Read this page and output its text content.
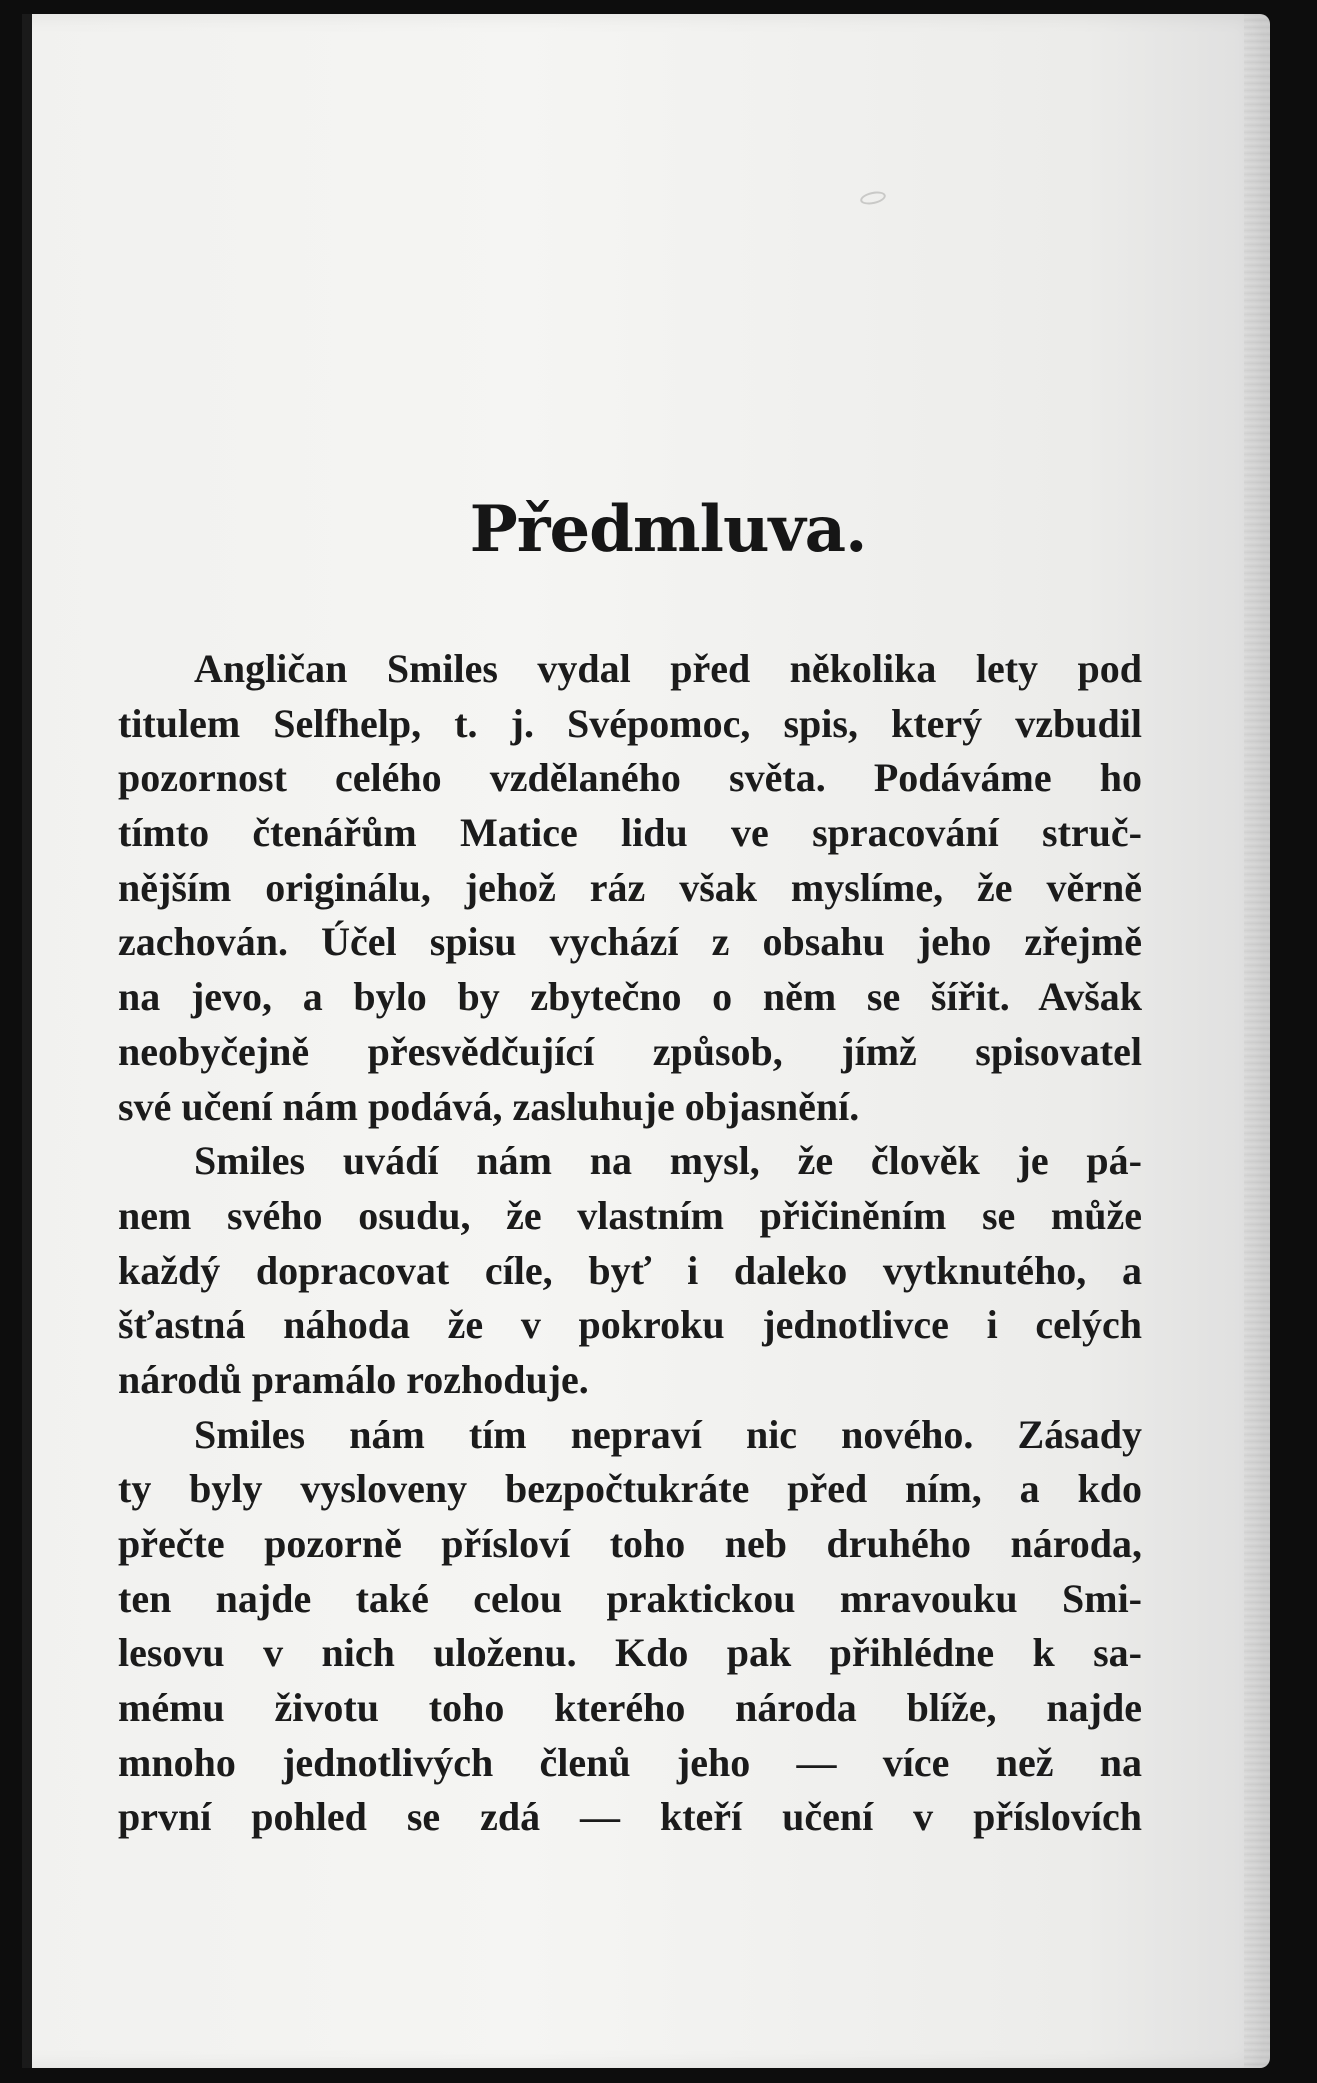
Předmluva.
Angličan Smiles vydal před několika lety pod
titulem Selfhelp, t. j. Svépomoc, spis, který vzbudil
pozornost celého vzdělaného světa. Podáváme ho
tímto čtenářům Matice lidu ve spracování struč-
nějším originálu, jehož ráz však myslíme, že věrně
zachován. Účel spisu vychází z obsahu jeho zřejmě
na jevo, a bylo by zbytečno o něm se šířit. Avšak
neobyčejně přesvědčující způsob, jímž spisovatel
své učení nám podává, zasluhuje objasnění.
Smiles uvádí nám na mysl, že člověk je pá-
nem svého osudu, že vlastním přičiněním se může
každý dopracovat cíle, byť i daleko vytknutého, a
šťastná náhoda že v pokroku jednotlivce i celých
národů pramálo rozhoduje.
Smiles nám tím nepraví nic nového. Zásady
ty byly vysloveny bezpočtukráte před ním, a kdo
přečte pozorně přísloví toho neb druhého národa,
ten najde také celou praktickou mravouku Smi-
lesovu v nich uloženu. Kdo pak přihlédne k sa-
mému životu toho kterého národa blíže, najde
mnoho jednotlivých členů jeho — více než na
první pohled se zdá — kteří učení v příslovích
